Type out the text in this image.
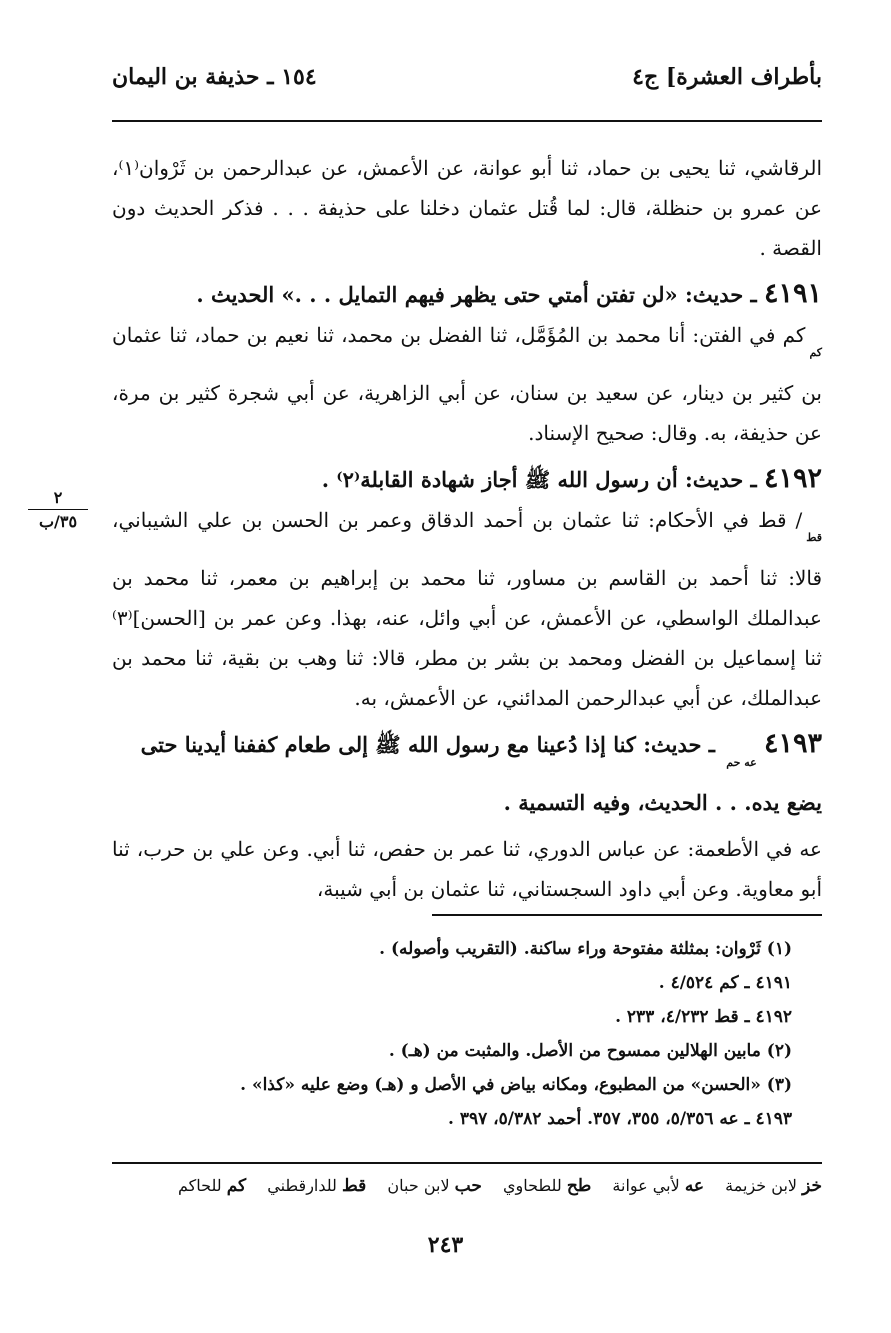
بأطراف العشرة] ج٤
١٥٤ ـ حذيفة بن اليمان
٢
٣٥/ب

الرقاشي، ثنا يحيى بن حماد، ثنا أبو عوانة، عن الأعمش، عن عبدالرحمن بن ثَرْوان⁽١⁾، عن عمرو بن حنظلة، قال: لما قُتل عثمان دخلنا على حذيفة . . . فذكر الحديث دون القصة .

٤١٩١ ـ حديث: «لن تفتن أمتي حتى يظهر فيهم التمايل . . .» الحديث .

كمكم في الفتن: أنا محمد بن المُؤَمَّل، ثنا الفضل بن محمد، ثنا نعيم بن حماد، ثنا عثمان بن كثير بن دينار، عن سعيد بن سنان، عن أبي الزاهرية، عن أبي شجرة كثير بن مرة، عن حذيفة، به. وقال: صحيح الإسناد.

٤١٩٢ ـ حديث: أن رسول الله ﷺ أجاز شهادة القابلة⁽٢⁾ .

قط/ قط في الأحكام: ثنا عثمان بن أحمد الدقاق وعمر بن الحسن بن علي الشيباني، قالا: ثنا أحمد بن القاسم بن مساور، ثنا محمد بن إبراهيم بن معمر، ثنا محمد بن عبدالملك الواسطي، عن الأعمش، عن أبي وائل، عنه، بهذا. وعن عمر بن [الحسن]⁽٣⁾ ثنا إسماعيل بن الفضل ومحمد بن بشر بن مطر، قالا: ثنا وهب بن بقية، ثنا محمد بن عبدالملك، عن أبي عبدالرحمن المدائني، عن الأعمش، به.

٤١٩٣ عه حم ـ حديث: كنا إذا دُعينا مع رسول الله ﷺ إلى طعام كففنا أيدينا حتى يضع يده. . . الحديث، وفيه التسمية .

عه في الأطعمة: عن عباس الدوري، ثنا عمر بن حفص، ثنا أبي. وعن علي بن حرب، ثنا أبو معاوية. وعن أبي داود السجستاني، ثنا عثمان بن أبي شيبة،

(١) ثَرْوان: بمثلثة مفتوحة وراء ساكنة. (التقريب وأصوله) .

٤١٩١ ـ كم ٤/٥٢٤ .

٤١٩٢ ـ قط ٤/٢٣٢، ٢٣٣ .

(٢) مابين الهلالين ممسوح من الأصل. والمثبت من (هـ) .

(٣) «الحسن» من المطبوع، ومكانه بياض في الأصل و (هـ) وضع عليه «كذا» .

٤١٩٣ ـ عه ٥/٣٥٦، ٣٥٥، ٣٥٧. أحمد ٥/٣٨٢، ٣٩٧ .

خز لابن خزيمة عه لأبي عوانة طح للطحاوي حب لابن حبان قط للدارقطني كم للحاكم
٢٤٣
